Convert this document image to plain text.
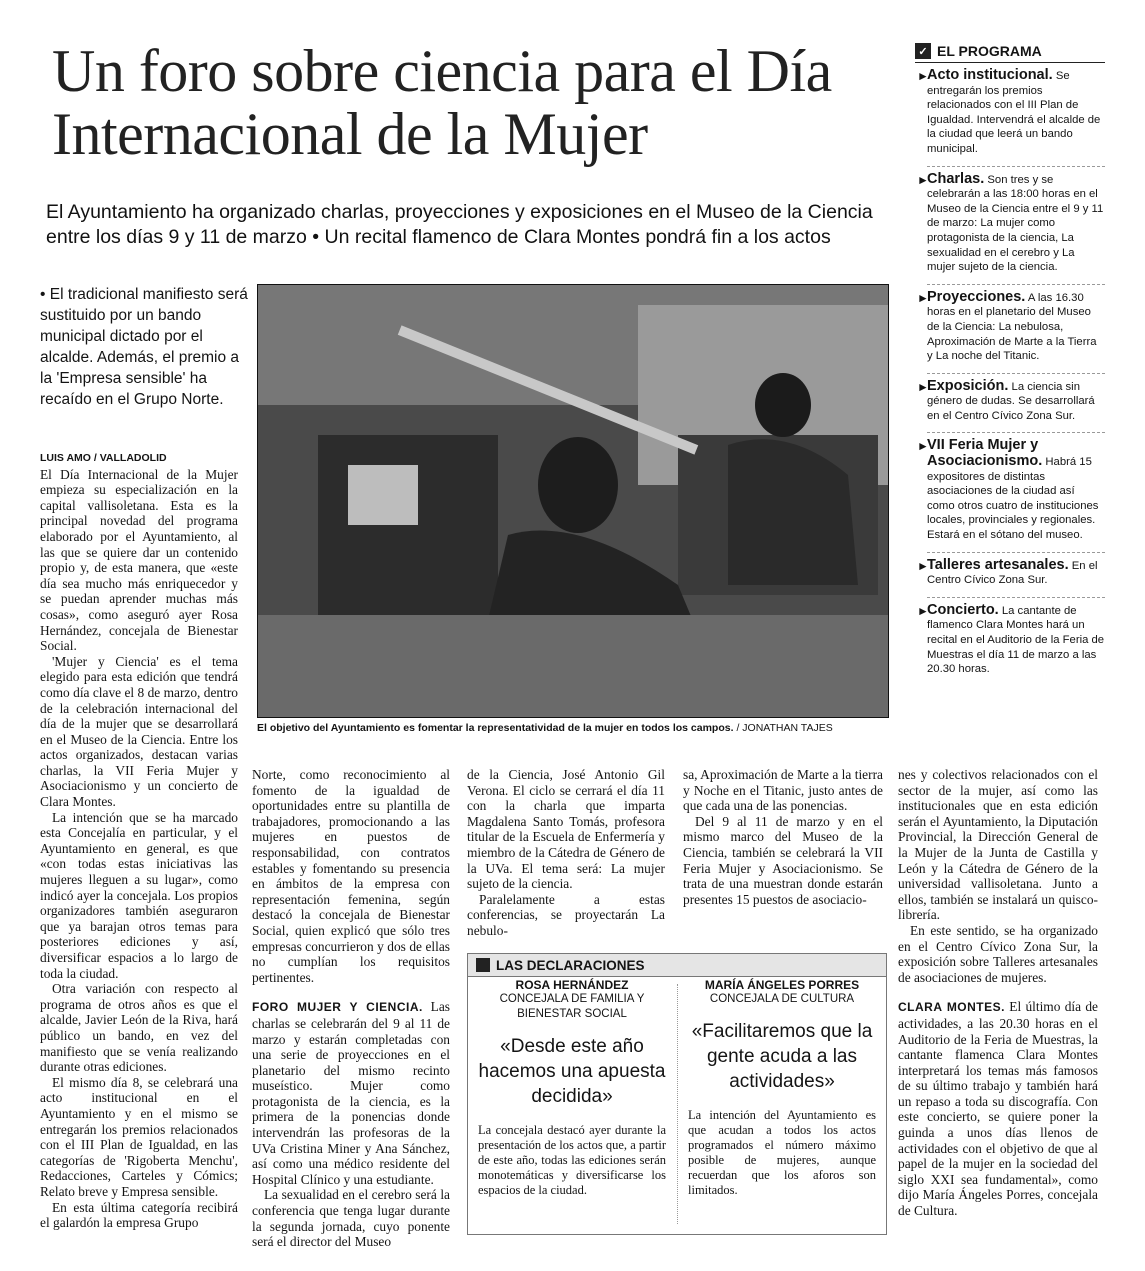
Un foro sobre ciencia para el Día Internacional de la Mujer
El Ayuntamiento ha organizado charlas, proyecciones y exposiciones en el Museo de la Ciencia entre los días 9 y 11 de marzo • Un recital flamenco de Clara Montes pondrá fin a los actos
• El tradicional manifiesto será sustituido por un bando municipal dictado por el alcalde. Además, el premio a la 'Empresa sensible' ha recaído en el Grupo Norte.
LUIS AMO / VALLADOLID

El Día Internacional de la Mujer empieza su especialización en la capital vallisoletana. Esta es la principal novedad del programa elaborado por el Ayuntamiento, al las que se quiere dar un contenido propio y, de esta manera, que «este día sea mucho más enriquecedor y se puedan aprender muchas más cosas», como aseguró ayer Rosa Hernández, concejala de Bienestar Social.

'Mujer y Ciencia' es el tema elegido para esta edición que tendrá como día clave el 8 de marzo, dentro de la celebración internacional del día de la mujer que se desarrollará en el Museo de la Ciencia. Entre los actos organizados, destacan varias charlas, la VII Feria Mujer y Asociacionismo y un concierto de Clara Montes.

La intención que se ha marcado esta Concejalía en particular, y el Ayuntamiento en general, es que «con todas estas iniciativas las mujeres lleguen a su lugar», como indicó ayer la concejala. Los propios organizadores también aseguraron que ya barajan otros temas para posteriores ediciones y así, diversificar espacios a lo largo de toda la ciudad.

Otra variación con respecto al programa de otros años es que el alcalde, Javier León de la Riva, hará público un bando, en vez del manifiesto que se venía realizando durante otras ediciones.

El mismo día 8, se celebrará una acto institucional en el Ayuntamiento y en el mismo se entregarán los premios relacionados con el III Plan de Igualdad, en las categorías de 'Rigoberta Menchu', Redacciones, Carteles y Cómics; Relato breve y Empresa sensible.

En esta última categoría recibirá el galardón la empresa Grupo

El objetivo del Ayuntamiento es fomentar la representatividad de la mujer en todos los campos. / JONATHAN TAJES

Norte, como reconocimiento al fomento de la igualdad de oportunidades entre su plantilla de trabajadores, promocionando a las mujeres en puestos de responsabilidad, con contratos estables y fomentando su presencia en ámbitos de la empresa con representación femenina, según destacó la concejala de Bienestar Social, quien explicó que sólo tres empresas concurrieron y dos de ellas no cumplían los requisitos pertinentes.

FORO MUJER Y CIENCIA. Las charlas se celebrarán del 9 al 11 de marzo y estarán completadas con una serie de proyecciones en el planetario del mismo recinto museístico. Mujer como protagonista de la ciencia, es la primera de la ponencias donde intervendrán las profesoras de la UVa Cristina Miner y Ana Sánchez, así como una médico residente del Hospital Clínico y una estudiante.

La sexualidad en el cerebro será la conferencia que tenga lugar durante la segunda jornada, cuyo ponente será el director del Museo

de la Ciencia, José Antonio Gil Verona. El ciclo se cerrará el día 11 con la charla que imparta Magdalena Santo Tomás, profesora titular de la Escuela de Enfermería y miembro de la Cátedra de Género de la UVa. El tema será: La mujer sujeto de la ciencia.

Paralelamente a estas conferencias, se proyectarán La nebulo-

sa, Aproximación de Marte a la tierra y Noche en el Titanic, justo antes de que cada una de las ponencias.

Del 9 al 11 de marzo y en el mismo marco del Museo de la Ciencia, también se celebrará la VII Feria Mujer y Asociacionismo. Se trata de una muestran donde estarán presentes 15 puestos de asociacio-

nes y colectivos relacionados con el sector de la mujer, así como las institucionales que en esta edición serán el Ayuntamiento, la Diputación Provincial, la Dirección General de la Mujer de la Junta de Castilla y León y la Cátedra de Género de la universidad vallisoletana. Junto a ellos, también se instalará un quisco-librería.

En este sentido, se ha organizado en el Centro Cívico Zona Sur, la exposición sobre Talleres artesanales de asociaciones de mujeres.

CLARA MONTES. El último día de actividades, a las 20.30 horas en el Auditorio de la Feria de Muestras, la cantante flamenca Clara Montes interpretará los temas más famosos de su último trabajo y también hará un repaso a toda su discografía. Con este concierto, se quiere poner la guinda a unos días llenos de actividades con el objetivo de que al papel de la mujer en la sociedad del siglo XXI sea fundamental», como dijo María Ángeles Porres, concejala de Cultura.

✓ EL PROGRAMA
►
Acto institucional. Se entregarán los premios relacionados con el III Plan de Igualdad. Intervendrá el alcalde de la ciudad que leerá un bando municipal.
►
Charlas. Son tres y se celebrarán a las 18:00 horas en el Museo de la Ciencia entre el 9 y 11 de marzo: La mujer como protagonista de la ciencia, La sexualidad en el cerebro y La mujer sujeto de la ciencia.
►
Proyecciones. A las 16.30 horas en el planetario del Museo de la Ciencia: La nebulosa, Aproximación de Marte a la Tierra y La noche del Titanic.
►
Exposición. La ciencia sin género de dudas. Se desarrollará en el Centro Cívico Zona Sur.
►
VII Feria Mujer y Asociacionismo. Habrá 15 expositores de distintas asociaciones de la ciudad así como otros cuatro de instituciones locales, provinciales y regionales. Estará en el sótano del museo.
►
Talleres artesanales. En el Centro Cívico Zona Sur.
►
Concierto. La cantante de flamenco Clara Montes hará un recital en el Auditorio de la Feria de Muestras el día 11 de marzo a las 20.30 horas.
LAS DECLARACIONES
ROSA HERNÁNDEZ
CONCEJALA DE FAMILIA Y BIENESTAR SOCIAL
«Desde este año hacemos una apuesta decidida»
La concejala destacó ayer durante la presentación de los actos que, a partir de este año, todas las ediciones serán monotemáticas y diversificarse los espacios de la ciudad.
MARÍA ÁNGELES PORRES
CONCEJALA DE CULTURA
«Facilitaremos que la gente acuda a las actividades»
La intención del Ayuntamiento es que acudan a todos los actos programados el número máximo posible de mujeres, aunque recuerdan que los aforos son limitados.
